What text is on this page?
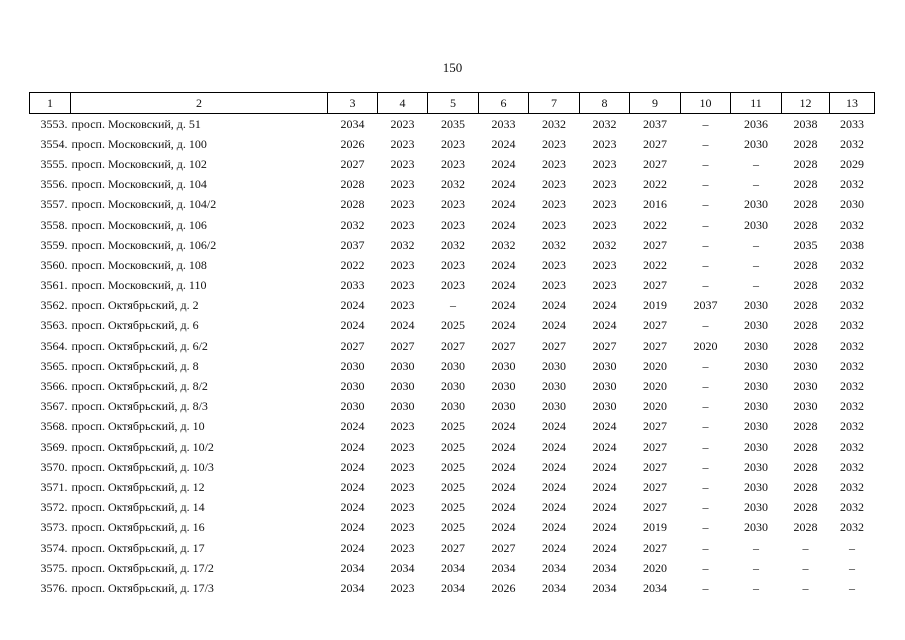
150
1	2	3	4	5	6	7	8	9	10	11	12	13
3553.	просп. Московский, д. 51	2034	2023	2035	2033	2032	2032	2037	–	2036	2038	2033
3554.	просп. Московский, д. 100	2026	2023	2023	2024	2023	2023	2027	–	2030	2028	2032
3555.	просп. Московский, д. 102	2027	2023	2023	2024	2023	2023	2027	–	–	2028	2029
3556.	просп. Московский, д. 104	2028	2023	2032	2024	2023	2023	2022	–	–	2028	2032
3557.	просп. Московский, д. 104/2	2028	2023	2023	2024	2023	2023	2016	–	2030	2028	2030
3558.	просп. Московский, д. 106	2032	2023	2023	2024	2023	2023	2022	–	2030	2028	2032
3559.	просп. Московский, д. 106/2	2037	2032	2032	2032	2032	2032	2027	–	–	2035	2038
3560.	просп. Московский, д. 108	2022	2023	2023	2024	2023	2023	2022	–	–	2028	2032
3561.	просп. Московский, д. 110	2033	2023	2023	2024	2023	2023	2027	–	–	2028	2032
3562.	просп. Октябрьский, д. 2	2024	2023	–	2024	2024	2024	2019	2037	2030	2028	2032
3563.	просп. Октябрьский, д. 6	2024	2024	2025	2024	2024	2024	2027	–	2030	2028	2032
3564.	просп. Октябрьский, д. 6/2	2027	2027	2027	2027	2027	2027	2027	2020	2030	2028	2032
3565.	просп. Октябрьский, д. 8	2030	2030	2030	2030	2030	2030	2020	–	2030	2030	2032
3566.	просп. Октябрьский, д. 8/2	2030	2030	2030	2030	2030	2030	2020	–	2030	2030	2032
3567.	просп. Октябрьский, д. 8/3	2030	2030	2030	2030	2030	2030	2020	–	2030	2030	2032
3568.	просп. Октябрьский, д. 10	2024	2023	2025	2024	2024	2024	2027	–	2030	2028	2032
3569.	просп. Октябрьский, д. 10/2	2024	2023	2025	2024	2024	2024	2027	–	2030	2028	2032
3570.	просп. Октябрьский, д. 10/3	2024	2023	2025	2024	2024	2024	2027	–	2030	2028	2032
3571.	просп. Октябрьский, д. 12	2024	2023	2025	2024	2024	2024	2027	–	2030	2028	2032
3572.	просп. Октябрьский, д. 14	2024	2023	2025	2024	2024	2024	2027	–	2030	2028	2032
3573.	просп. Октябрьский, д. 16	2024	2023	2025	2024	2024	2024	2019	–	2030	2028	2032
3574.	просп. Октябрьский, д. 17	2024	2023	2027	2027	2024	2024	2027	–	–	–	–
3575.	просп. Октябрьский, д. 17/2	2034	2034	2034	2034	2034	2034	2020	–	–	–	–
3576.	просп. Октябрьский, д. 17/3	2034	2023	2034	2026	2034	2034	2034	–	–	–	–
